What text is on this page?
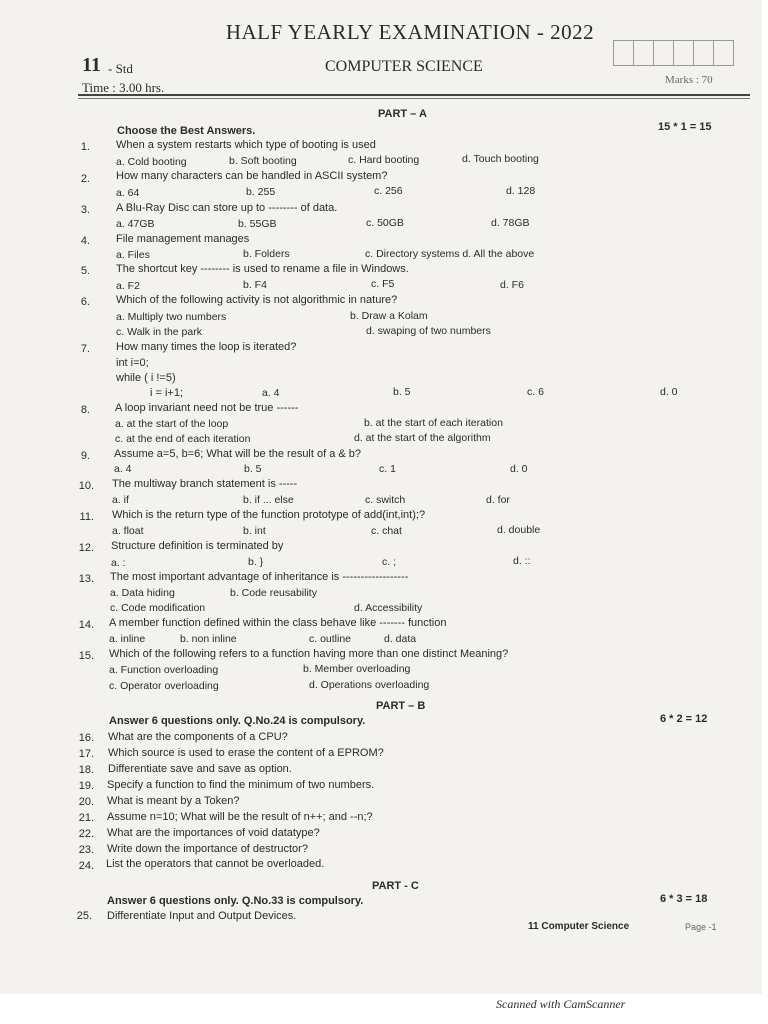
HALF YEARLY EXAMINATION - 2022
11 - Std	COMPUTER SCIENCE
Time : 3.00 hrs.	Marks : 70
PART – A
Choose the Best Answers.	15 * 1 = 15
1. When a system restarts which type of booting is used
a. Cold booting	b. Soft booting	c. Hard booting	d. Touch booting
2. How many characters can be handled in ASCII system?
a. 64	b. 255	c. 256	d. 128
3. A Blu-Ray Disc can store up to -------- of data.
a. 47GB	b. 55GB	c. 50GB	d. 78GB
4. File management manages
a. Files	b. Folders	c. Directory systems d. All the above
5. The shortcut key -------- is used to rename a file in Windows.
a. F2	b. F4	c. F5	d. F6
6. Which of the following activity is not algorithmic in nature?
a. Multiply two numbers	b. Draw a Kolam
c. Walk in the park	d. swaping of two numbers
7. How many times the loop is iterated?
int i=0;
while ( i !=5)
i = i+1;	a. 4	b. 5	c. 6	d. 0
8. A loop invariant need not be true ------
a. at the start of the loop	b. at the start of each iteration
c. at the end of each iteration	d. at the start of the algorithm
9. Assume a=5, b=6; What will be the result of a & b?
a. 4	b. 5	c. 1	d. 0
10. The multiway branch statement is -----
a. if	b. if ... else	c. switch	d. for
11. Which is the return type of the function prototype of add(int,int);?
a. float	b. int	c. chat	d. double
12. Structure definition is terminated by
a. :	b. }	c. ;	d. ::
13. The most important advantage of inheritance is ------------------
a. Data hiding	b. Code reusability
c. Code modification	d. Accessibility
14. A member function defined within the class behave like ------- function
a. inline	b. non inline	c. outline	d. data
15. Which of the following refers to a function having more than one distinct Meaning?
a. Function overloading	b. Member overloading
c. Operator overloading	d. Operations overloading
PART – B
Answer 6 questions only. Q.No.24 is compulsory.	6 * 2 = 12
16. What are the components of a CPU?
17. Which source is used to erase the content of a EPROM?
18. Differentiate save and save as option.
19. Specify a function to find the minimum of two numbers.
20. What is meant by a Token?
21. Assume n=10; What will be the result of n++; and --n;?
22. What are the importances of void datatype?
23. Write down the importance of destructor?
24. List the operators that cannot be overloaded.
PART - C
Answer 6 questions only. Q.No.33 is compulsory.	6 * 3 = 18
25. Differentiate Input and Output Devices.
11 Computer Science	Page -1
Scanned with CamScanner
